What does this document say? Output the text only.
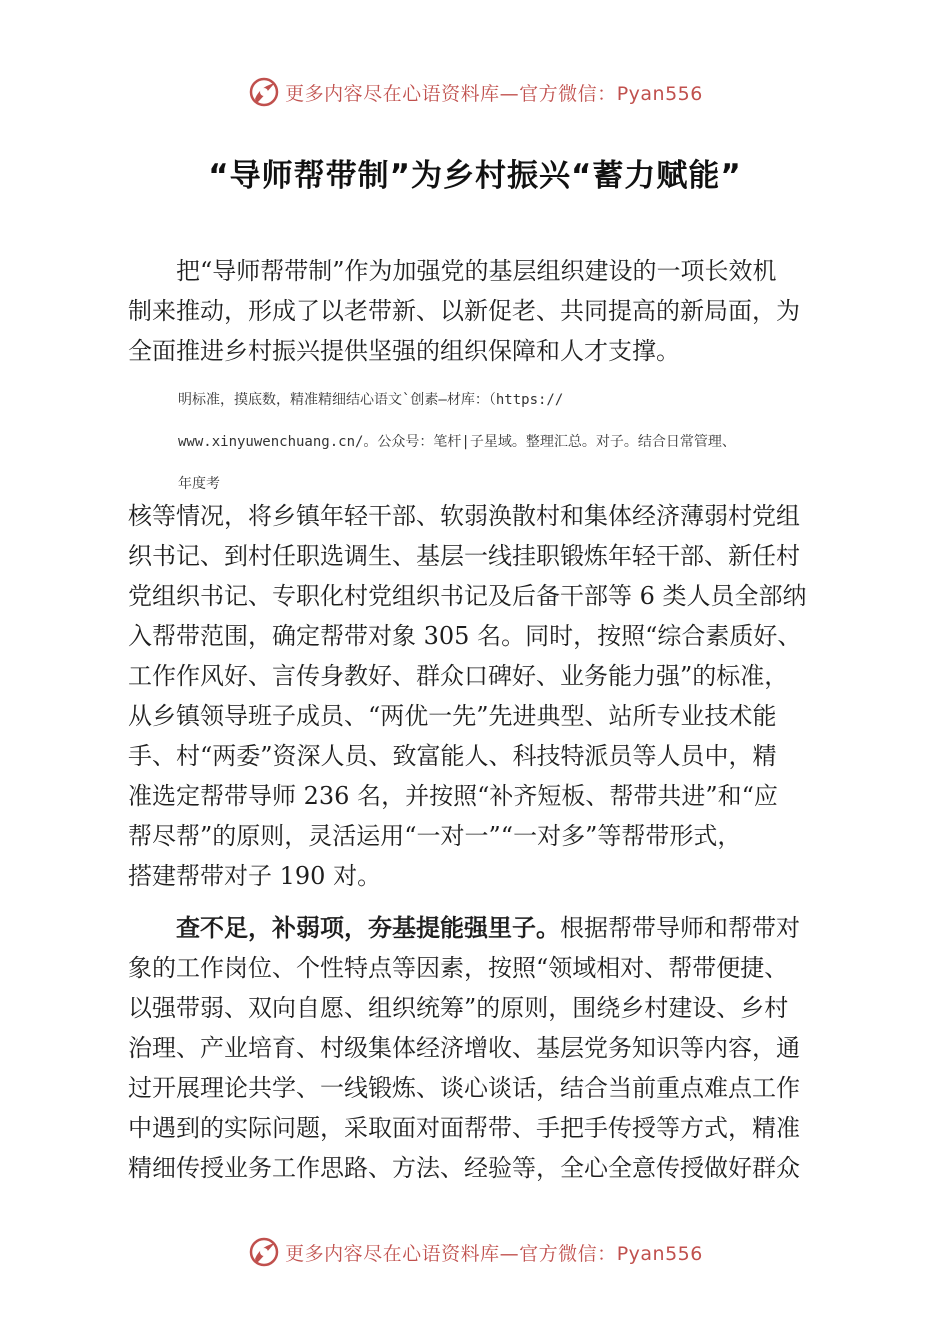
更多内容尽在心语资料库—官方微信：Pyan556
“导师帮带制”为乡村振兴“蓄力赋能”
把“导师帮带制”作为加强党的基层组织建设的一项长效机
制来推动，形成了以老带新、以新促老、共同提高的新局面，为
全面推进乡村振兴提供坚强的组织保障和人才支撑。
明标准，摸底数，精准精细结心语文`创素—材库：（https://
www.xinyuwenchuang.cn/。公众号：笔杆|子星域。整理汇总。对子。结合日常管理、
年度考
核等情况，将乡镇年轻干部、软弱涣散村和集体经济薄弱村党组
织书记、到村任职选调生、基层一线挂职锻炼年轻干部、新任村
党组织书记、专职化村党组织书记及后备干部等 6 类人员全部纳
入帮带范围，确定帮带对象 305 名。同时，按照“综合素质好、
工作作风好、言传身教好、群众口碑好、业务能力强”的标准，
从乡镇领导班子成员、“两优一先”先进典型、站所专业技术能
手、村“两委”资深人员、致富能人、科技特派员等人员中，精
准选定帮带导师 236 名，并按照“补齐短板、帮带共进”和“应
帮尽帮”的原则，灵活运用“一对一”“一对多”等帮带形式，
搭建帮带对子 190 对。
查不足，补弱项，夯基提能强里子。根据帮带导师和帮带对
象的工作岗位、个性特点等因素，按照“领域相对、帮带便捷、
以强带弱、双向自愿、组织统筹”的原则，围绕乡村建设、乡村
治理、产业培育、村级集体经济增收、基层党务知识等内容，通
过开展理论共学、一线锻炼、谈心谈话，结合当前重点难点工作
中遇到的实际问题，采取面对面帮带、手把手传授等方式，精准
精细传授业务工作思路、方法、经验等，全心全意传授做好群众
更多内容尽在心语资料库—官方微信：Pyan556
